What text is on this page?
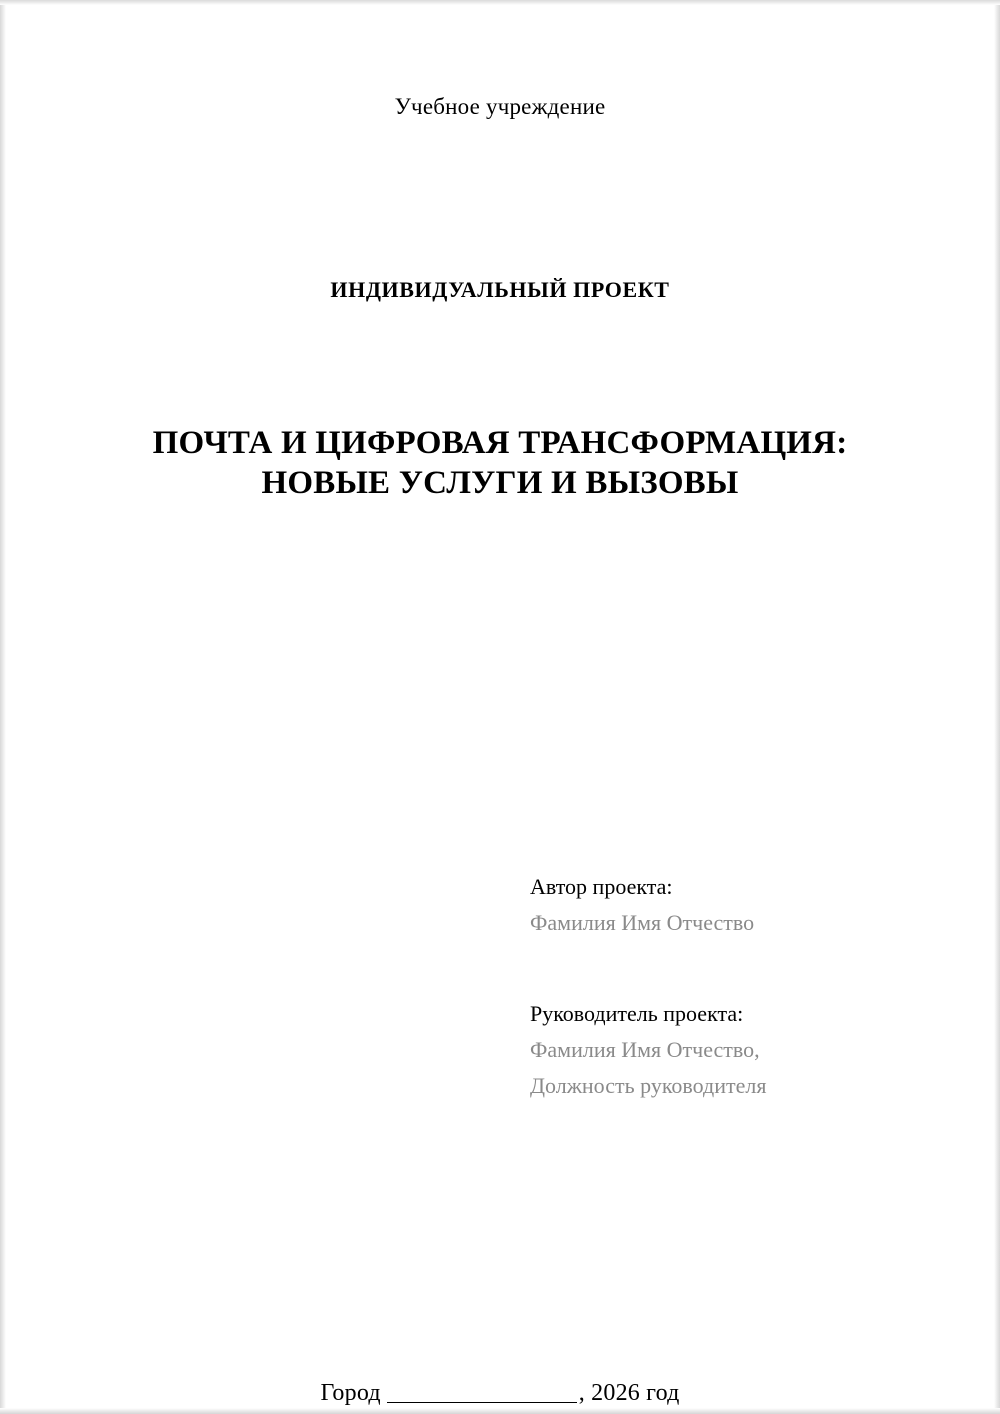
Учебное учреждение
ИНДИВИДУАЛЬНЫЙ ПРОЕКТ
ПОЧТА И ЦИФРОВАЯ ТРАНСФОРМАЦИЯ: НОВЫЕ УСЛУГИ И ВЫЗОВЫ

Автор проекта:

Фамилия Имя Отчество

Руководитель проекта:

Фамилия Имя Отчество,

Должность руководителя

Город	, 2026 год
